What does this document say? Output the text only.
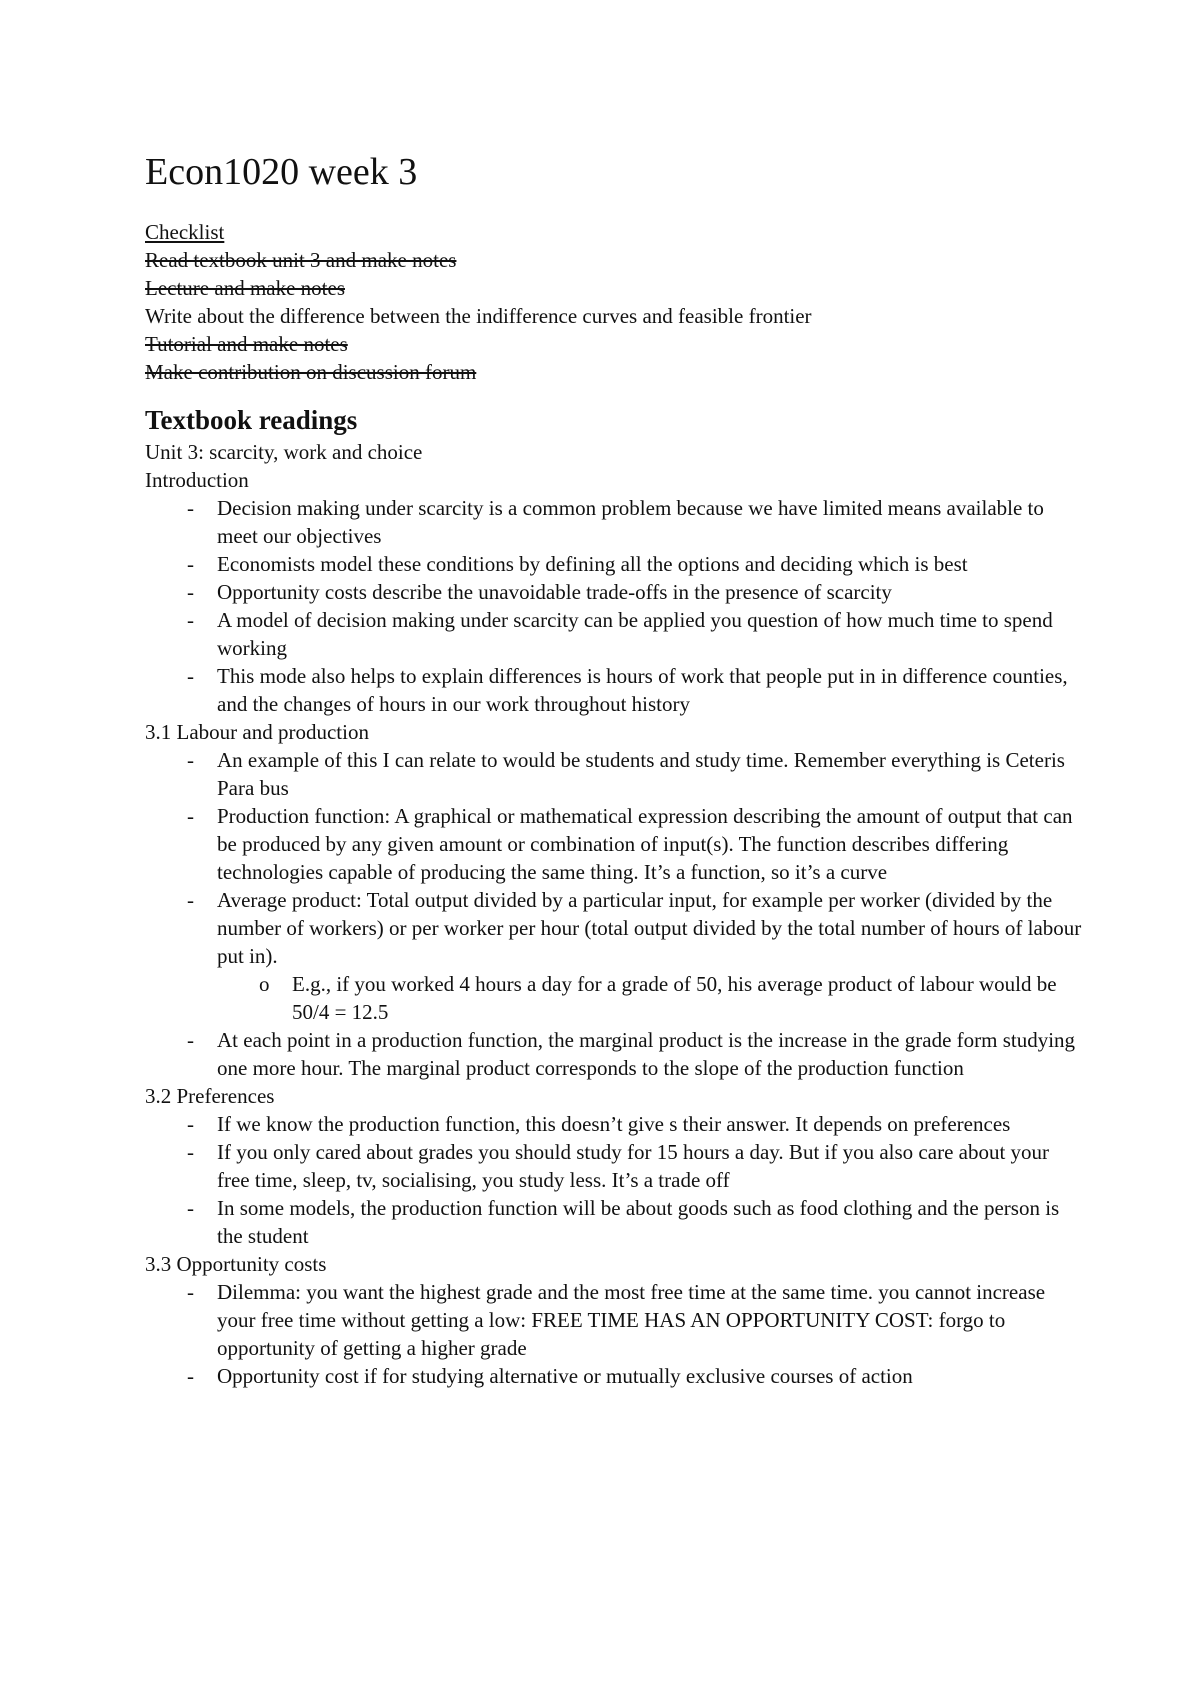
Econ1020 week 3

Checklist

Read textbook unit 3 and make notes

Lecture and make notes

Write about the difference between the indifference curves and feasible frontier

Tutorial and make notes

Make contribution on discussion forum

Textbook readings

Unit 3: scarcity, work and choice

Introduction

- Decision making under scarcity is a common problem because we have limited means available to meet our objectives
- Economists model these conditions by defining all the options and deciding which is best
- Opportunity costs describe the unavoidable trade-offs in the presence of scarcity
- A model of decision making under scarcity can be applied you question of how much time to spend working
- This mode also helps to explain differences is hours of work that people put in in difference counties, and the changes of hours in our work throughout history

3.1 Labour and production

- An example of this I can relate to would be students and study time. Remember everything is Ceteris Para bus
- Production function: A graphical or mathematical expression describing the amount of output that can be produced by any given amount or combination of input(s). The function describes differing technologies capable of producing the same thing. It’s a function, so it’s a curve
- Average product: Total output divided by a particular input, for example per worker (divided by the number of workers) or per worker per hour (total output divided by the total number of hours of labour put in).
o E.g., if you worked 4 hours a day for a grade of 50, his average product of labour would be 50/4 = 12.5
- At each point in a production function, the marginal product is the increase in the grade form studying one more hour. The marginal product corresponds to the slope of the production function

3.2 Preferences

- If we know the production function, this doesn’t give s their answer. It depends on preferences
- If you only cared about grades you should study for 15 hours a day. But if you also care about your free time, sleep, tv, socialising, you study less. It’s a trade off
- In some models, the production function will be about goods such as food clothing and the person is the student

3.3 Opportunity costs

- Dilemma: you want the highest grade and the most free time at the same time. you cannot increase your free time without getting a low: FREE TIME HAS AN OPPORTUNITY COST: forgo to opportunity of getting a higher grade
- Opportunity cost if for studying alternative or mutually exclusive courses of action
